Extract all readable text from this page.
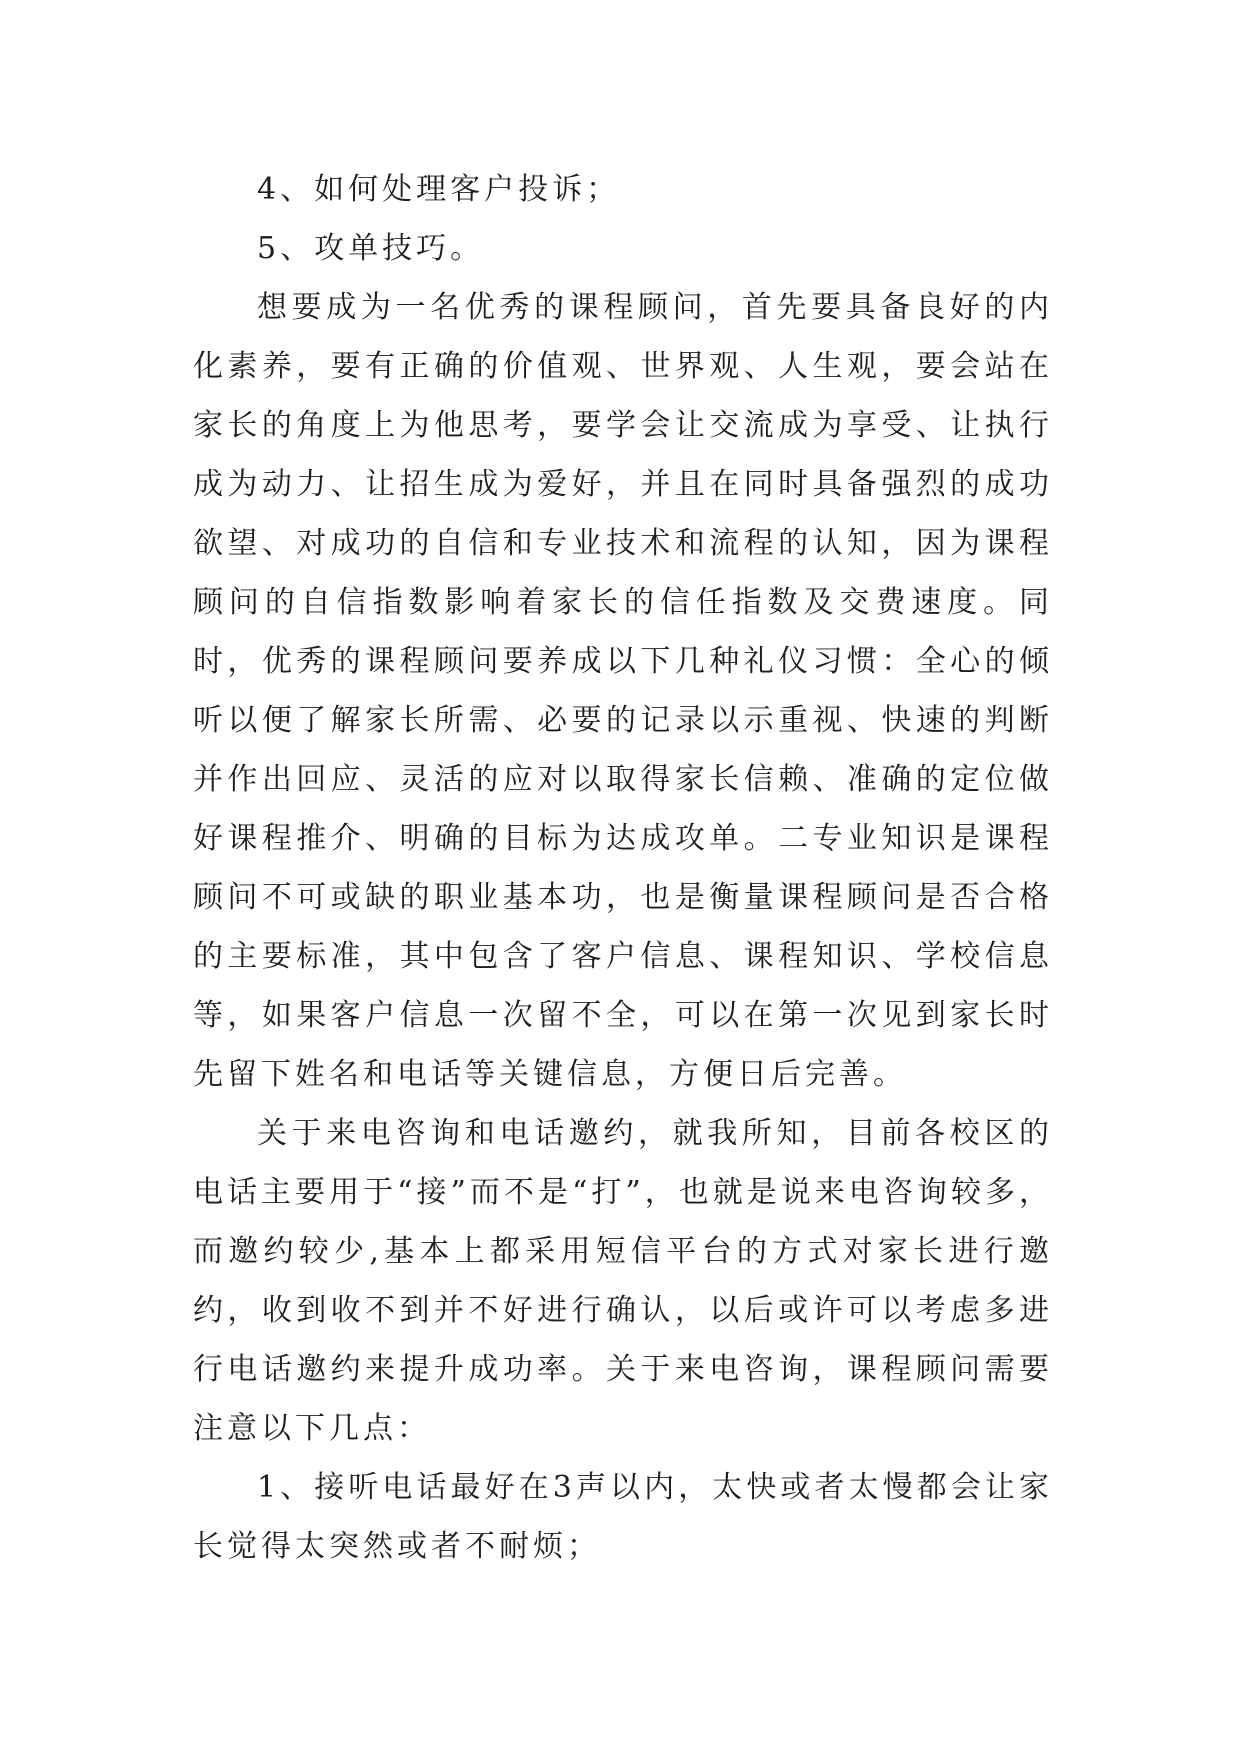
4、如何处理客户投诉；

5、攻单技巧。

想要成为一名优秀的课程顾问，首先要具备良好的内化素养，要有正确的价值观、世界观、人生观，要会站在家长的角度上为他思考，要学会让交流成为享受、让执行成为动力、让招生成为爱好，并且在同时具备强烈的成功欲望、对成功的自信和专业技术和流程的认知，因为课程顾问的自信指数影响着家长的信任指数及交费速度。同时，优秀的课程顾问要养成以下几种礼仪习惯：全心的倾听以便了解家长所需、必要的记录以示重视、快速的判断并作出回应、灵活的应对以取得家长信赖、准确的定位做好课程推介、明确的目标为达成攻单。二专业知识是课程顾问不可或缺的职业基本功，也是衡量课程顾问是否合格的主要标准，其中包含了客户信息、课程知识、学校信息等，如果客户信息一次留不全，可以在第一次见到家长时先留下姓名和电话等关键信息，方便日后完善。

关于来电咨询和电话邀约，就我所知，目前各校区的电话主要用于“接”而不是“打”，也就是说来电咨询较多，而邀约较少,基本上都采用短信平台的方式对家长进行邀约，收到收不到并不好进行确认，以后或许可以考虑多进行电话邀约来提升成功率。关于来电咨询，课程顾问需要注意以下几点：

1、接听电话最好在3声以内，太快或者太慢都会让家长觉得太突然或者不耐烦；
